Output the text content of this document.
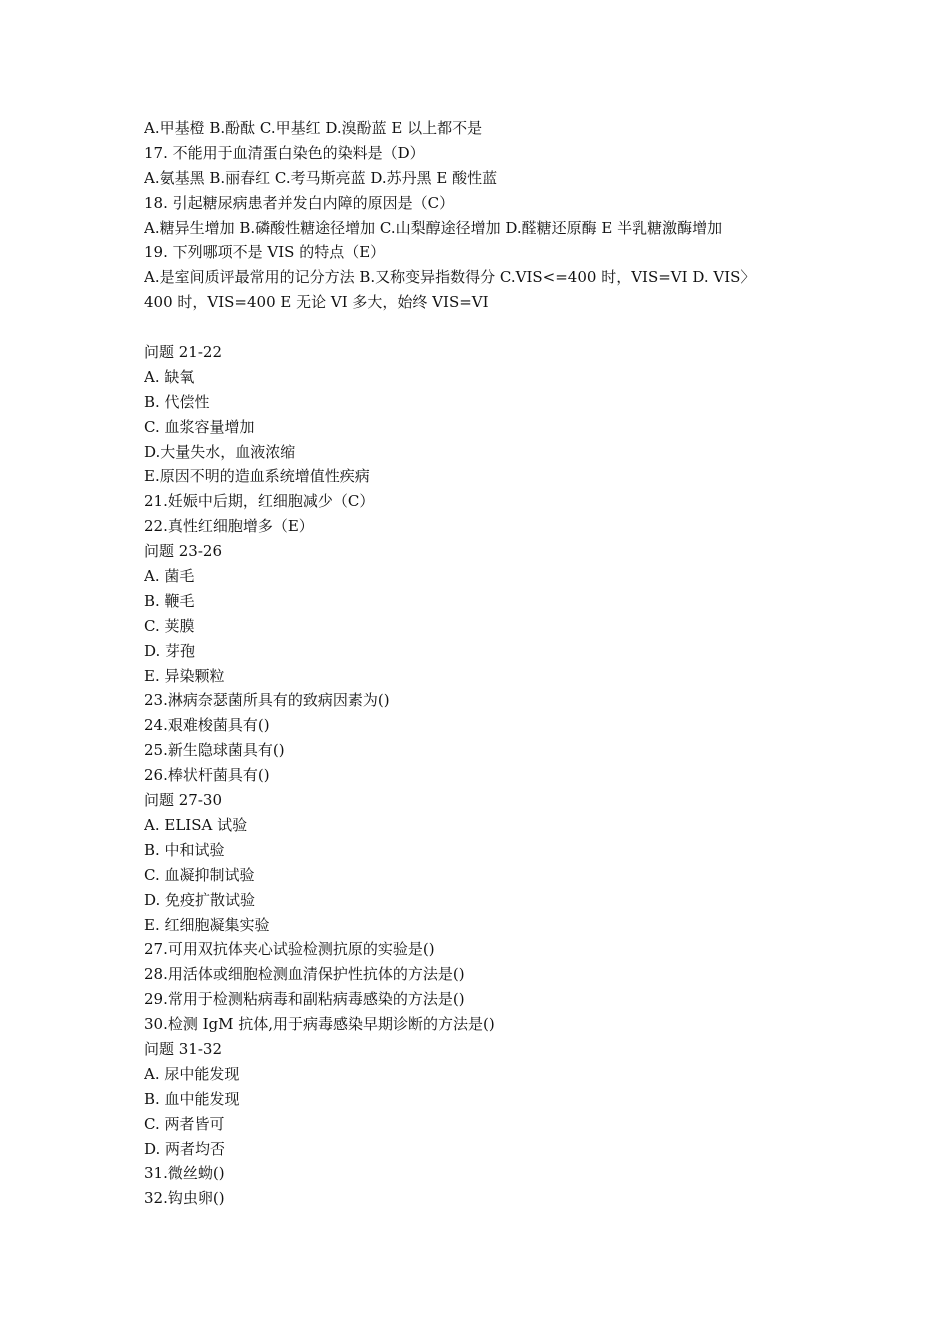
A.甲基橙 B.酚酞 C.甲基红 D.溴酚蓝 E 以上都不是
17. 不能用于血清蛋白染色的染料是（D）
A.氨基黑 B.丽春红 C.考马斯亮蓝 D.苏丹黑 E 酸性蓝
18. 引起糖尿病患者并发白内障的原因是（C）
A.糖异生增加 B.磷酸性糖途径增加 C.山梨醇途径增加 D.醛糖还原酶 E 半乳糖激酶增加
19. 下列哪项不是 VIS 的特点（E）
A.是室间质评最常用的记分方法 B.又称变异指数得分 C.VIS<=400 时，VIS=VI D. VIS〉
400 时，VIS=400 E 无论 VI 多大，始终 VIS=VI
问题 21-22
A. 缺氧
B. 代偿性
C. 血浆容量增加
D.大量失水，血液浓缩
E.原因不明的造血系统增值性疾病
21.妊娠中后期，红细胞减少（C）
22.真性红细胞增多（E）
问题 23-26
A. 菌毛
B. 鞭毛
C. 荚膜
D. 芽孢
E. 异染颗粒
23.淋病奈瑟菌所具有的致病因素为()
24.艰难梭菌具有()
25.新生隐球菌具有()
26.棒状杆菌具有()
问题 27-30
A. ELISA 试验
B. 中和试验
C. 血凝抑制试验
D. 免疫扩散试验
E. 红细胞凝集实验
27.可用双抗体夹心试验检测抗原的实验是()
28.用活体或细胞检测血清保护性抗体的方法是()
29.常用于检测粘病毒和副粘病毒感染的方法是()
30.检测 IgM 抗体,用于病毒感染早期诊断的方法是()
问题 31-32
A. 尿中能发现
B. 血中能发现
C. 两者皆可
D. 两者均否
31.微丝蚴()
32.钩虫卵()
